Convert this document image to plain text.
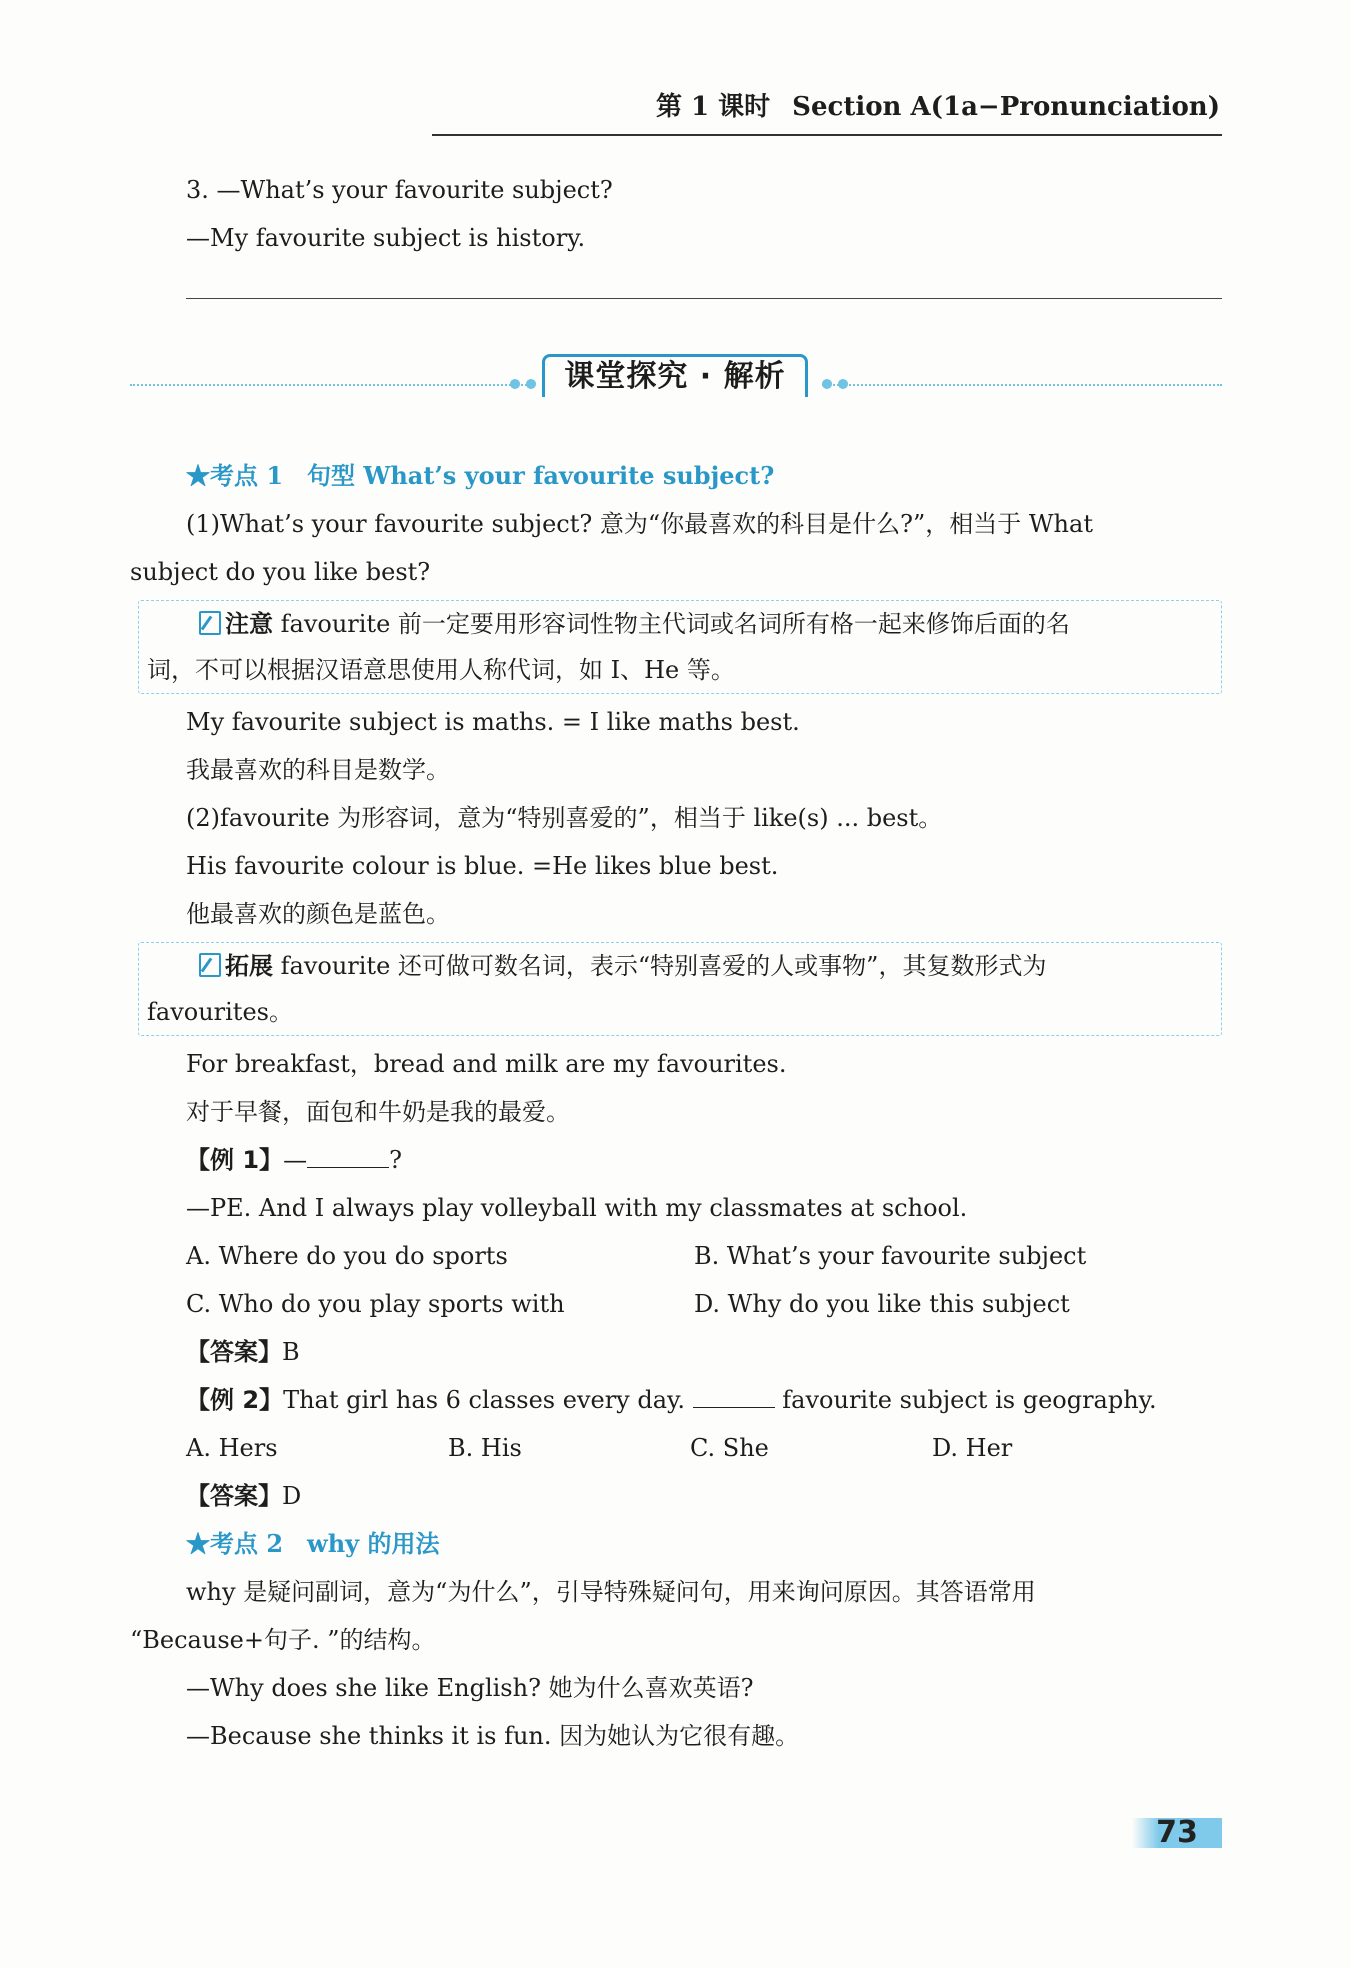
第 1 课时 Section A(1a−Pronunciation)
3. —What’s your favourite subject?
—My favourite subject is history.
课堂探究 · 解析
★考点 1　句型 What’s your favourite subject?
(1)What’s your favourite subject? 意为“你最喜欢的科目是什么?”，相当于 What
subject do you like best?
注意 favourite 前一定要用形容词性物主代词或名词所有格一起来修饰后面的名
词，不可以根据汉语意思使用人称代词，如 I、He 等。
My favourite subject is maths. = I like maths best.
我最喜欢的科目是数学。
(2)favourite 为形容词，意为“特别喜爱的”，相当于 like(s) ... best。
His favourite colour is blue. =He likes blue best.
他最喜欢的颜色是蓝色。
拓展 favourite 还可做可数名词，表示“特别喜爱的人或事物”，其复数形式为
favourites。
For breakfast，bread and milk are my favourites.
对于早餐，面包和牛奶是我的最爱。
【例 1】—	?
—PE. And I always play volleyball with my classmates at school.
A. Where do you do sports	B. What’s your favourite subject
C. Who do you play sports with	D. Why do you like this subject
【答案】B
【例 2】That girl has 6 classes every day.	favourite subject is geography.
A. Hers	B. His	C. She	D. Her
【答案】D
★考点 2　why 的用法
why 是疑问副词，意为“为什么”，引导特殊疑问句，用来询问原因。其答语常用
“Because+句子. ”的结构。
—Why does she like English? 她为什么喜欢英语?
—Because she thinks it is fun. 因为她认为它很有趣。
73
